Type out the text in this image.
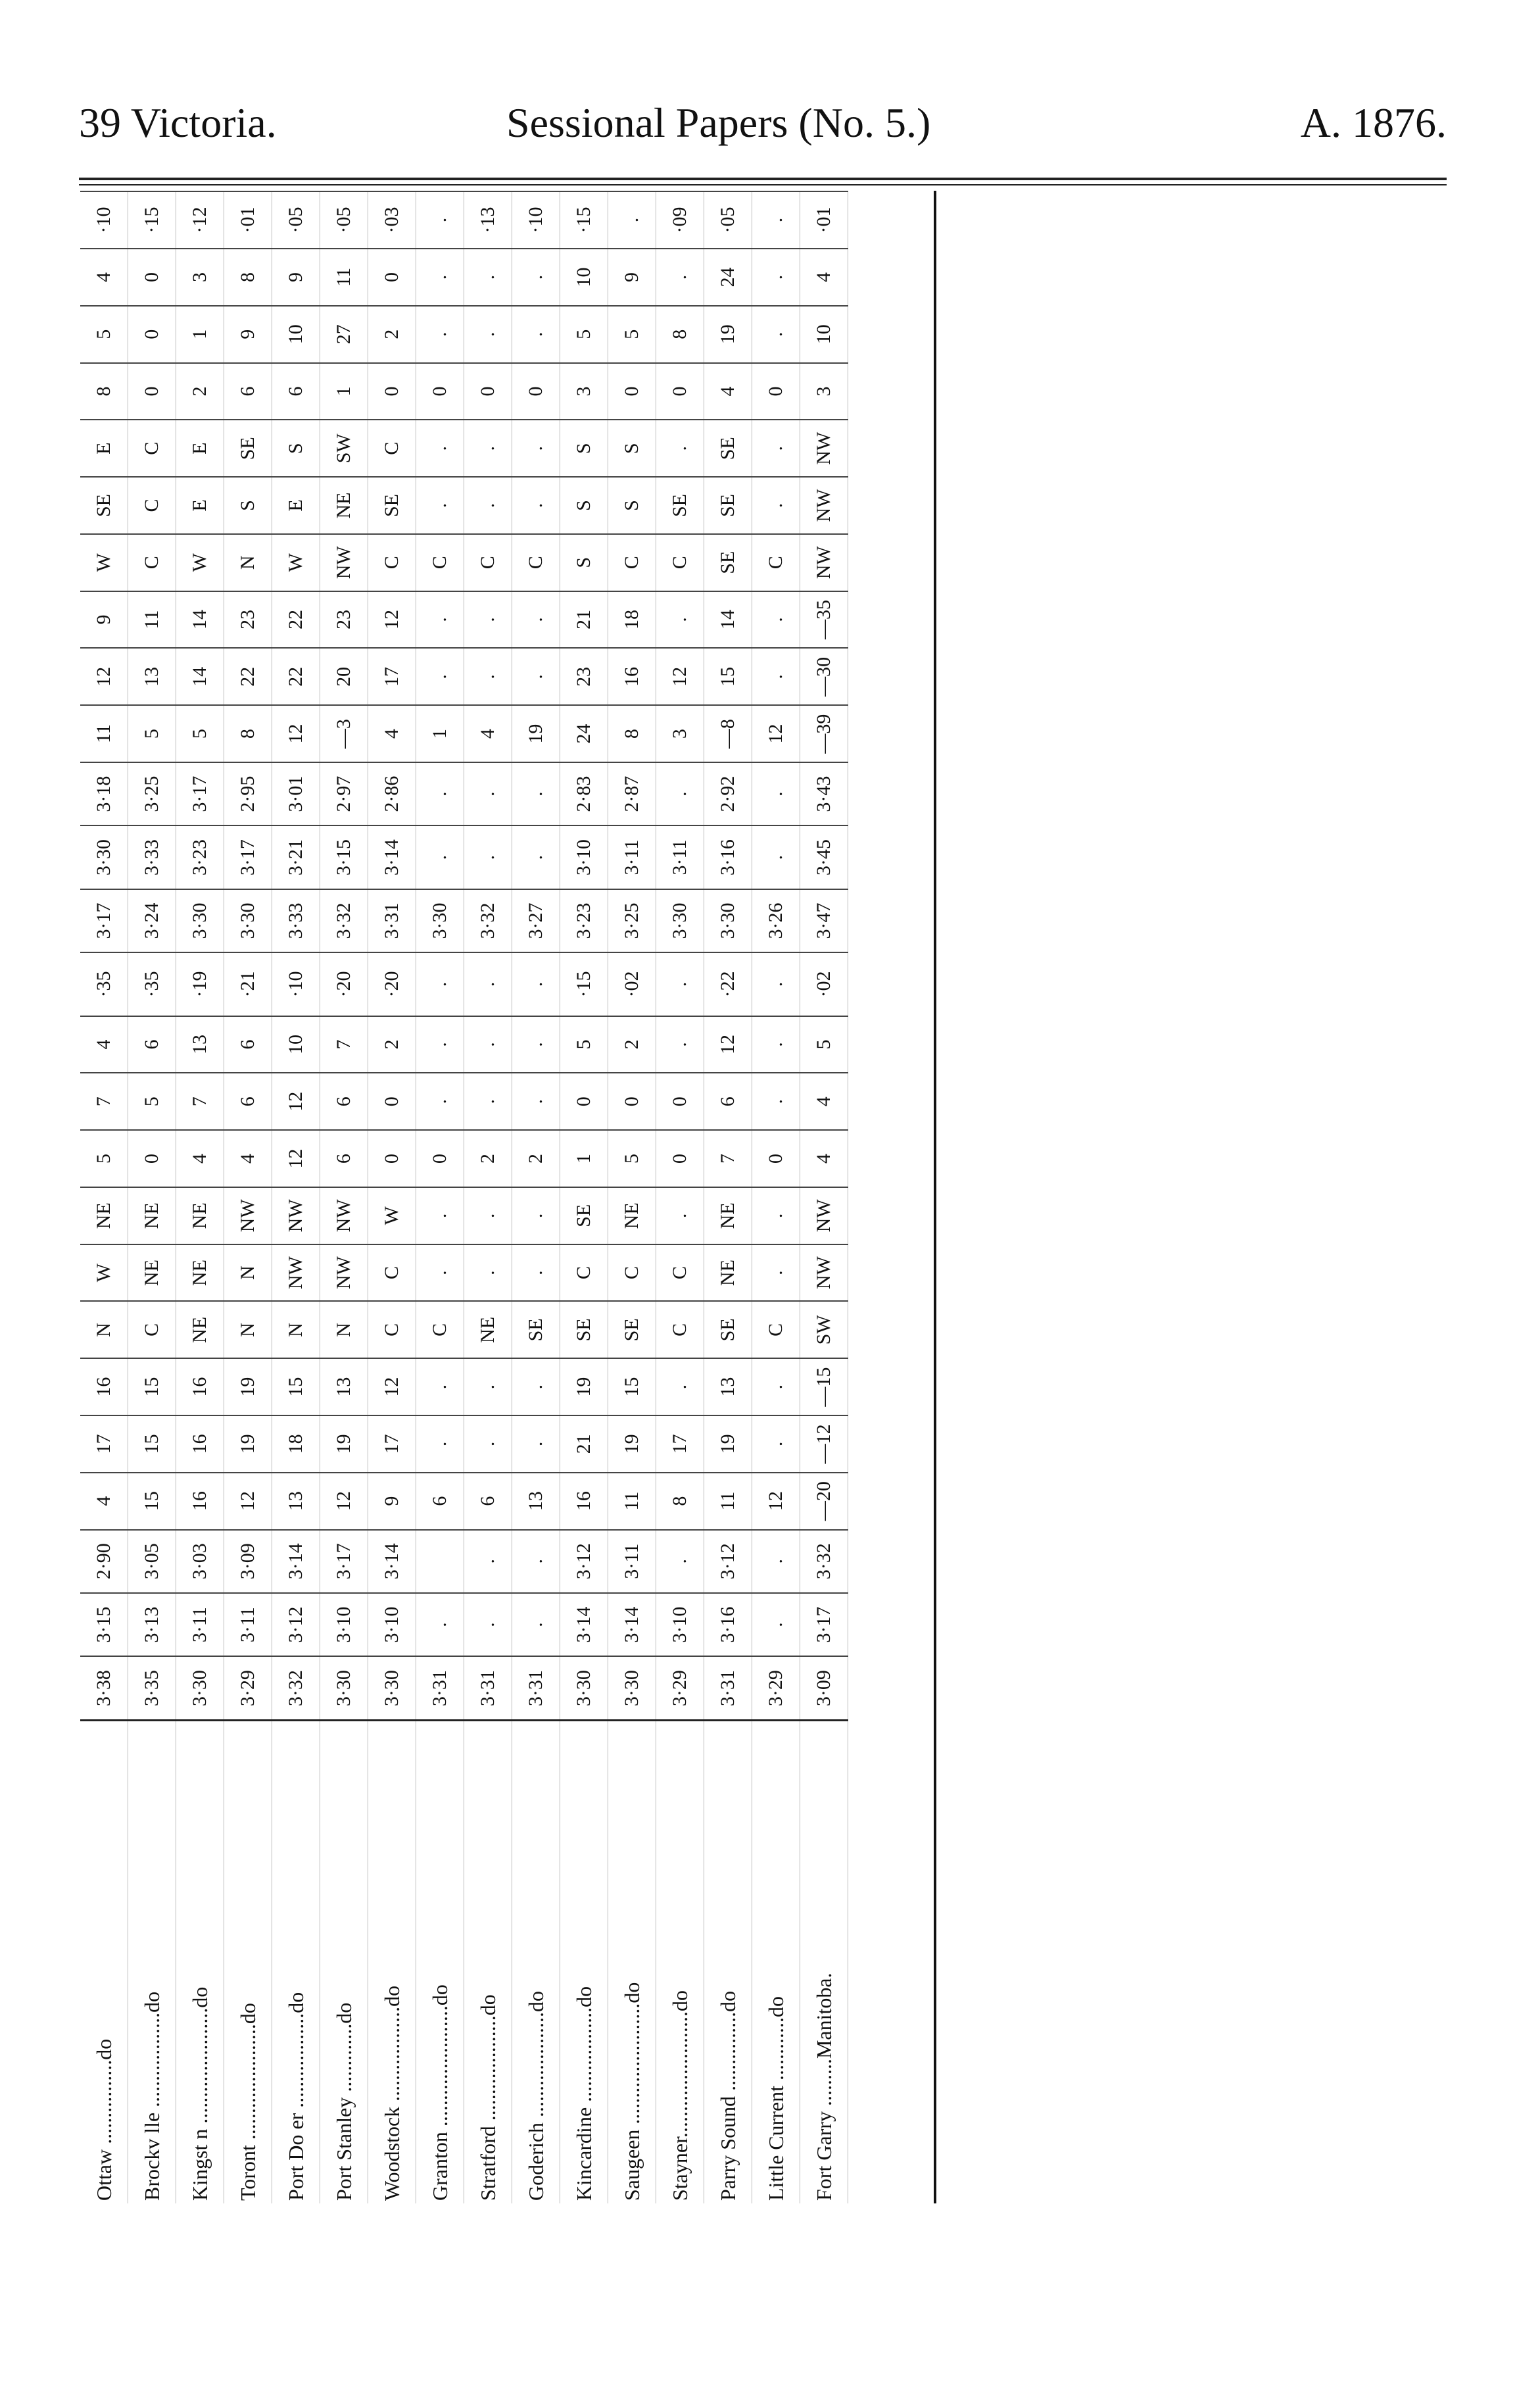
39 Victoria.	Sessional Papers (No. 5.)	A. 1876.
Ottaw ................do	3·38	3·15	2·90	4	17	16	N	W	NE	5	7	4	·35	3·17	3·30	3·18	11	12	9	W	SE	E	8	5	4	·10
Brockv lle ..................do	3·35	3·13	3·05	15	15	15	C	NE	NE	0	5	6	·35	3·24	3·33	3·25	5	13	11	C	C	C	0	0	0	·15
Kingst n ......................do	3·30	3·11	3·03	16	16	16	NE	NE	NE	4	7	13	·19	3·30	3·23	3·17	5	14	14	W	E	E	2	1	3	·12
Toront ......................do	3·29	3·11	3·09	12	19	19	N	N	NW	4	6	6	·21	3·30	3·17	2·95	8	22	23	N	S	SE	6	9	8	·01
Port Do er ..................do	3·32	3·12	3·14	13	18	15	N	NW	NW	12	12	10	·10	3·33	3·21	3·01	12	22	22	W	E	S	6	10	9	·05
Port Stanley .............do	3·30	3·10	3·17	12	19	13	N	NW	NW	6	6	7	·20	3·32	3·15	2·97	—3	20	23	NW	NE	SW	1	27	11	·05
Woodstock ..................do	3·30	3·10	3·14	9	17	12	C	C	W	0	0	2	·20	3·31	3·14	2·86	4	17	12	C	SE	C	0	2	0	·03
Granton .......................do	3·31	.		6	.	.	C	.	.	0	.	.	.	3·30	.	.	1	.	.	C	.	.	0	.	.	.
Stratford ....................do	3·31	.	.	6	.	.	NE	.	.	2	.	.	.	3·32	.	.	4	.	.	C	.	.	0	.	.	·13
Goderich ....................do	3·31	.	.	13	.	.	SE	.	.	2	.	.	.	3·27	.	.	19	.	.	C	.	.	0	.	.	·10
Kincardine ..................do	3·30	3·14	3·12	16	21	19	SE	C	SE	1	0	5	·15	3·23	3·10	2·83	24	23	21	S	S	S	3	5	10	·15
Saugeen .......................do	3·30	3·14	3·11	11	19	15	SE	C	NE	5	0	2	·02	3·25	3·11	2·87	8	16	18	C	S	S	0	5	9	.
Stayner........................do	3·29	3·10	.	8	17	.	C	C	.	0	0	.	.	3·30	3·11	.	3	12	.	C	SE	.	0	8	.	·09
Parry Sound ...............do	3·31	3·16	3·12	11	19	13	SE	NE	NE	7	6	12	·22	3·30	3·16	2·92	—8	15	14	SE	SE	SE	4	19	24	·05
Little Current ............do	3·29	.	.	12	.	.	C	.	.	0	.	.	.	3·26	.	.	12	.	.	C	.	.	0	.	.	.
Fort Garry .........Manitoba.	3·09	3·17	3·32	—20	—12	—15	SW	NW	NW	4	4	5	·02	3·47	3·45	3·43	—39	—30	—35	NW	NW	NW	3	10	4	·01
